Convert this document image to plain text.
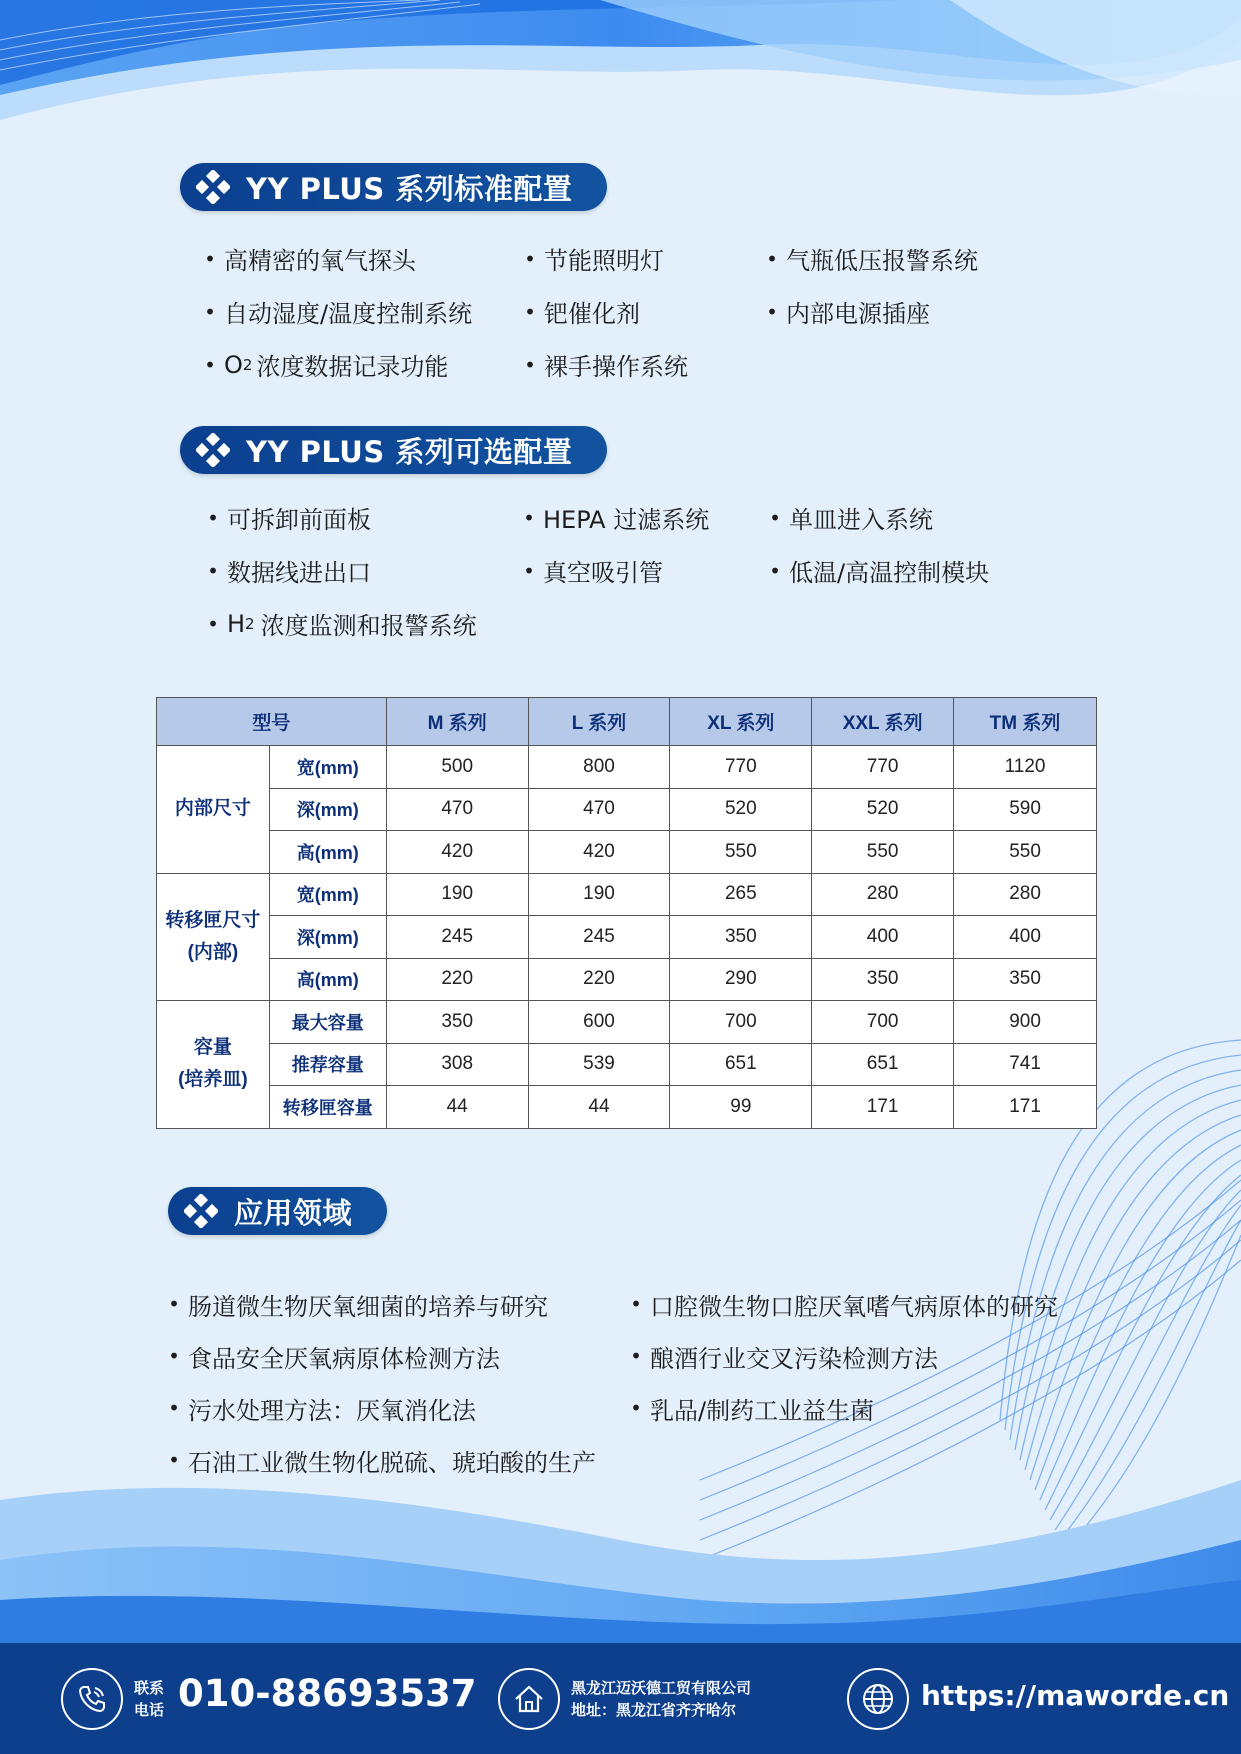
YY PLUS 系列标准配置
• 高精密的氧气探头	• 节能照明灯	• 气瓶低压报警系统
• 自动湿度/温度控制系统	• 钯催化剂	• 内部电源插座
• O 2 浓度数据记录功能	• 裸手操作系统
YY PLUS 系列可选配置
• 可拆卸前面板	• HEPA 过滤系统	• 单皿进入系统
• 数据线进出口	• 真空吸引管	• 低温/高温控制模块
• H 2 浓度监测和报警系统
型号		M 系列	L 系列	XL 系列	XXL 系列	TM 系列

内部尺寸	宽(mm)	500	800	770	770	1120
	深(mm)	470	470	520	520	590
	高(mm)	420	420	550	550	550

转移匣尺寸
(内部)	宽(mm)	190	190	265	280	280
	深(mm)	245	245	350	400	400
	高(mm)	220	220	290	350	350

容量
(培养皿)	最大容量	350	600	700	700	900
	推荐容量	308	539	651	651	741
	转移匣容量	44	44	99	171	171
应用领域
• 肠道微生物厌氧细菌的培养与研究	• 口腔微生物口腔厌氧嗜气病原体的研究
• 食品安全厌氧病原体检测方法	• 酿酒行业交叉污染检测方法
• 污水处理方法：厌氧消化法	• 乳品/制药工业益生菌
• 石油工业微生物化脱硫、琥珀酸的生产
联系
电话 010-88693537	黑龙江迈沃德工贸有限公司
地址：黑龙江省齐齐哈尔	https://maworde.cn
